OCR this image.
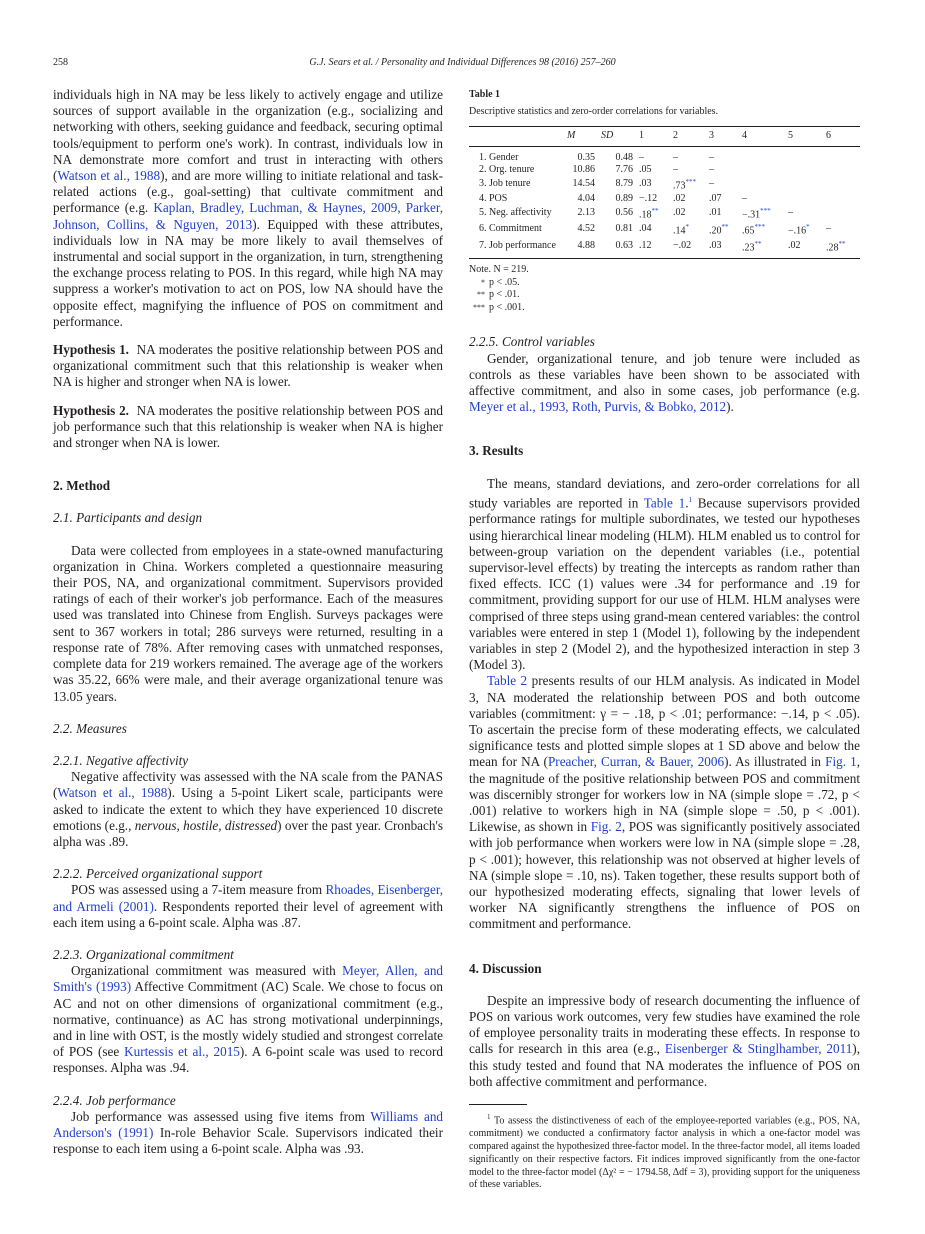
258	G.J. Sears et al. / Personality and Individual Differences 98 (2016) 257–260

individuals high in NA may be less likely to actively engage and utilize sources of support available in the organization (e.g., socializing and networking with others, seeking guidance and feedback, securing optimal tools/equipment to perform one's work). In contrast, individuals low in NA demonstrate more comfort and trust in interacting with others (Watson et al., 1988), and are more willing to initiate relational and task-related actions (e.g., goal-setting) that cultivate commitment and performance (e.g. Kaplan, Bradley, Luchman, & Haynes, 2009, Parker, Johnson, Collins, & Nguyen, 2013). Equipped with these attributes, individuals low in NA may be more likely to avail themselves of instrumental and social support in the organization, in turn, strengthening the exchange process relating to POS. In this regard, while high NA may suppress a worker's motivation to act on POS, low NA should have the opposite effect, magnifying the influence of POS on commitment and performance.

Hypothesis 1. NA moderates the positive relationship between POS and organizational commitment such that this relationship is weaker when NA is higher and stronger when NA is lower.

Hypothesis 2. NA moderates the positive relationship between POS and job performance such that this relationship is weaker when NA is higher and stronger when NA is lower.

2. Method
2.1. Participants and design

Data were collected from employees in a state-owned manufacturing organization in China. Workers completed a questionnaire measuring their POS, NA, and organizational commitment. Supervisors provided ratings of each of their worker's job performance. Each of the measures used was translated into Chinese from English. Surveys packages were sent to 367 workers in total; 286 surveys were returned, resulting in a response rate of 78%. After removing cases with unmatched responses, complete data for 219 workers remained. The average age of the workers was 35.22, 66% were male, and their average organizational tenure was 13.05 years.

2.2. Measures
2.2.1. Negative affectivity

Negative affectivity was assessed with the NA scale from the PANAS (Watson et al., 1988). Using a 5-point Likert scale, participants were asked to indicate the extent to which they have experienced 10 discrete emotions (e.g., nervous, hostile, distressed) over the past year. Cronbach's alpha was .89.

2.2.2. Perceived organizational support

POS was assessed using a 7-item measure from Rhoades, Eisenberger, and Armeli (2001). Respondents reported their level of agreement with each item using a 6-point scale. Alpha was .87.

2.2.3. Organizational commitment

Organizational commitment was measured with Meyer, Allen, and Smith's (1993) Affective Commitment (AC) Scale. We chose to focus on AC and not on other dimensions of organizational commitment (e.g., normative, continuance) as AC has strong motivational underpinnings, and in line with OST, is the mostly widely studied and strongest correlate of POS (see Kurtessis et al., 2015). A 6-point scale was used to record responses. Alpha was .94.

2.2.4. Job performance

Job performance was assessed using five items from Williams and Anderson's (1991) In-role Behavior Scale. Supervisors indicated their response to each item using a 6-point scale. Alpha was .93.

Table 1
Descriptive statistics and zero-order correlations for variables.
	M	SD	1	2	3	4	5	6
1. Gender	0.35	0.48	–	–	–			
2. Org. tenure	10.86	7.76	.05	–	–			
3. Job tenure	14.54	8.79	.03	.73***	–			
4. POS	4.04	0.89	−.12	.02	.07	–		
5. Neg. affectivity	2.13	0.56	.18**	.02	.01	−.31***	–	
6. Commitment	4.52	0.81	.04	.14*	.20**	.65***	−.16*	–
7. Job performance	4.88	0.63	.12	−.02	.03	.23**	.02	.28**
Note. N = 219.
* p < .05.
** p < .01.
*** p < .001.
2.2.5. Control variables

Gender, organizational tenure, and job tenure were included as controls as these variables have been shown to be associated with affective commitment, and also in some cases, job performance (e.g. Meyer et al., 1993, Roth, Purvis, & Bobko, 2012).

3. Results

The means, standard deviations, and zero-order correlations for all study variables are reported in Table 1.$^1$ Because supervisors provided performance ratings for multiple subordinates, we tested our hypotheses using hierarchical linear modeling (HLM). HLM enabled us to control for between-group variation on the dependent variables (i.e., potential supervisor-level effects) by treating the intercepts as random rather than fixed effects. ICC (1) values were .34 for performance and .19 for commitment, providing support for our use of HLM. HLM analyses were comprised of three steps using grand-mean centered variables: the control variables were entered in step 1 (Model 1), following by the independent variables in step 2 (Model 2), and the hypothesized interaction in step 3 (Model 3).

Table 2 presents results of our HLM analysis. As indicated in Model 3, NA moderated the relationship between POS and both outcome variables (commitment: γ = − .18, p < .01; performance: −.14, p < .05). To ascertain the precise form of these moderating effects, we calculated significance tests and plotted simple slopes at 1 SD above and below the mean for NA (Preacher, Curran, & Bauer, 2006). As illustrated in Fig. 1, the magnitude of the positive relationship between POS and commitment was discernibly stronger for workers low in NA (simple slope = .72, p < .001) relative to workers high in NA (simple slope = .50, p < .001). Likewise, as shown in Fig. 2, POS was significantly positively associated with job performance when workers were low in NA (simple slope = .28, p < .001); however, this relationship was not observed at higher levels of NA (simple slope = .10, ns). Taken together, these results support both of our hypothesized moderating effects, signaling that lower levels of worker NA significantly strengthens the influence of POS on commitment and performance.

4. Discussion

Despite an impressive body of research documenting the influence of POS on various work outcomes, very few studies have examined the role of employee personality traits in moderating these effects. In response to calls for research in this area (e.g., Eisenberger & Stinglhamber, 2011), this study tested and found that NA moderates the influence of POS on both affective commitment and performance.

$^1$ To assess the distinctiveness of each of the employee-reported variables (e.g., POS, NA, commitment) we conducted a confirmatory factor analysis in which a one-factor model was compared against the hypothesized three-factor model. In the three-factor model, all items loaded significantly on their respective factors. Fit indices improved significantly from the one-factor model to the three-factor model (Δχ² = − 1794.58, Δdf = 3), providing support for the uniqueness of these variables.
